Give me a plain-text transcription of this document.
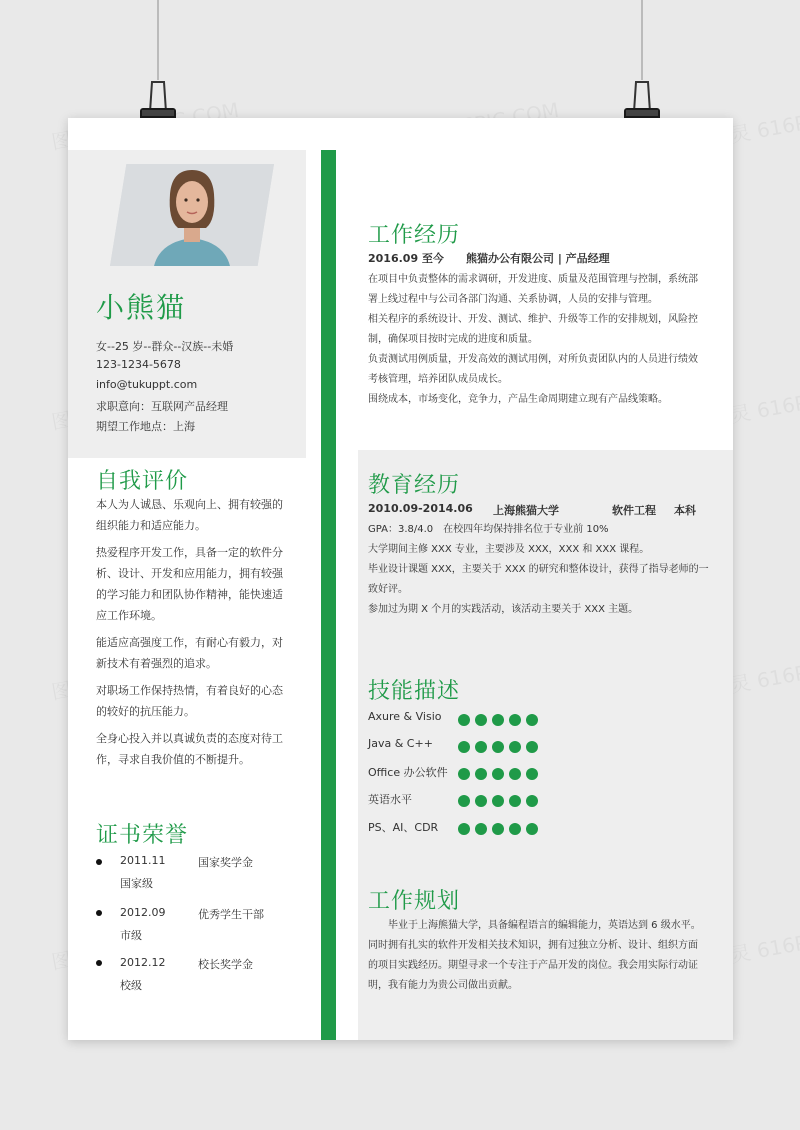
小熊猫
女--25 岁--群众--汉族--未婚
123-1234-5678
info@tukuppt.com
求职意向：互联网产品经理
期望工作地点：上海
自我评价
本人为人诚恳、乐观向上、拥有较强的
组织能力和适应能力。
热爱程序开发工作，具备一定的软件分
析、设计、开发和应用能力，拥有较强
的学习能力和团队协作精神，能快速适
应工作环境。
能适应高强度工作，有耐心有毅力，对
新技术有着强烈的追求。
对职场工作保持热情，有着良好的心态
的较好的抗压能力。
全身心投入并以真诚负责的态度对待工
作，寻求自我价值的不断提升。
证书荣誉
2011.11	国家奖学金
国家级
2012.09	优秀学生干部
市级
2012.12	校长奖学金
校级
工作经历
2016.09 至今 熊猫办公有限公司 | 产品经理
在项目中负责整体的需求调研，开发进度、质量及范围管理与控制，系统部
署上线过程中与公司各部门沟通、关系协调，人员的安排与管理。
相关程序的系统设计、开发、测试、维护、升级等工作的安排规划，风险控
制，确保项目按时完成的进度和质量。
负责测试用例质量，开发高效的测试用例，对所负责团队内的人员进行绩效
考核管理，培养团队成员成长。
围绕成本，市场变化，竞争力，产品生命周期建立现有产品线策略。
教育经历
2010.09-2014.06 上海熊猫大学	软件工程 本科
GPA：3.8/4.0　在校四年均保持排名位于专业前 10%
大学期间主修 XXX 专业，主要涉及 XXX，XXX 和 XXX 课程。
毕业设计课题 XXX，主要关于 XXX 的研究和整体设计，获得了指导老师的一
致好评。
参加过为期 X 个月的实践活动，该活动主要关于 XXX 主题。
技能描述
Axure & Visio
Java & C++
Office 办公软件
英语水平
PS、AI、CDR
工作规划
　　毕业于上海熊猫大学，具备编程语言的编辑能力，英语达到 6 级水平。
同时拥有扎实的软件开发相关技术知识，拥有过独立分析、设计、组织方面
的项目实践经历。期望寻求一个专注于产品开发的岗位。我会用实际行动证
明，我有能力为贵公司做出贡献。
